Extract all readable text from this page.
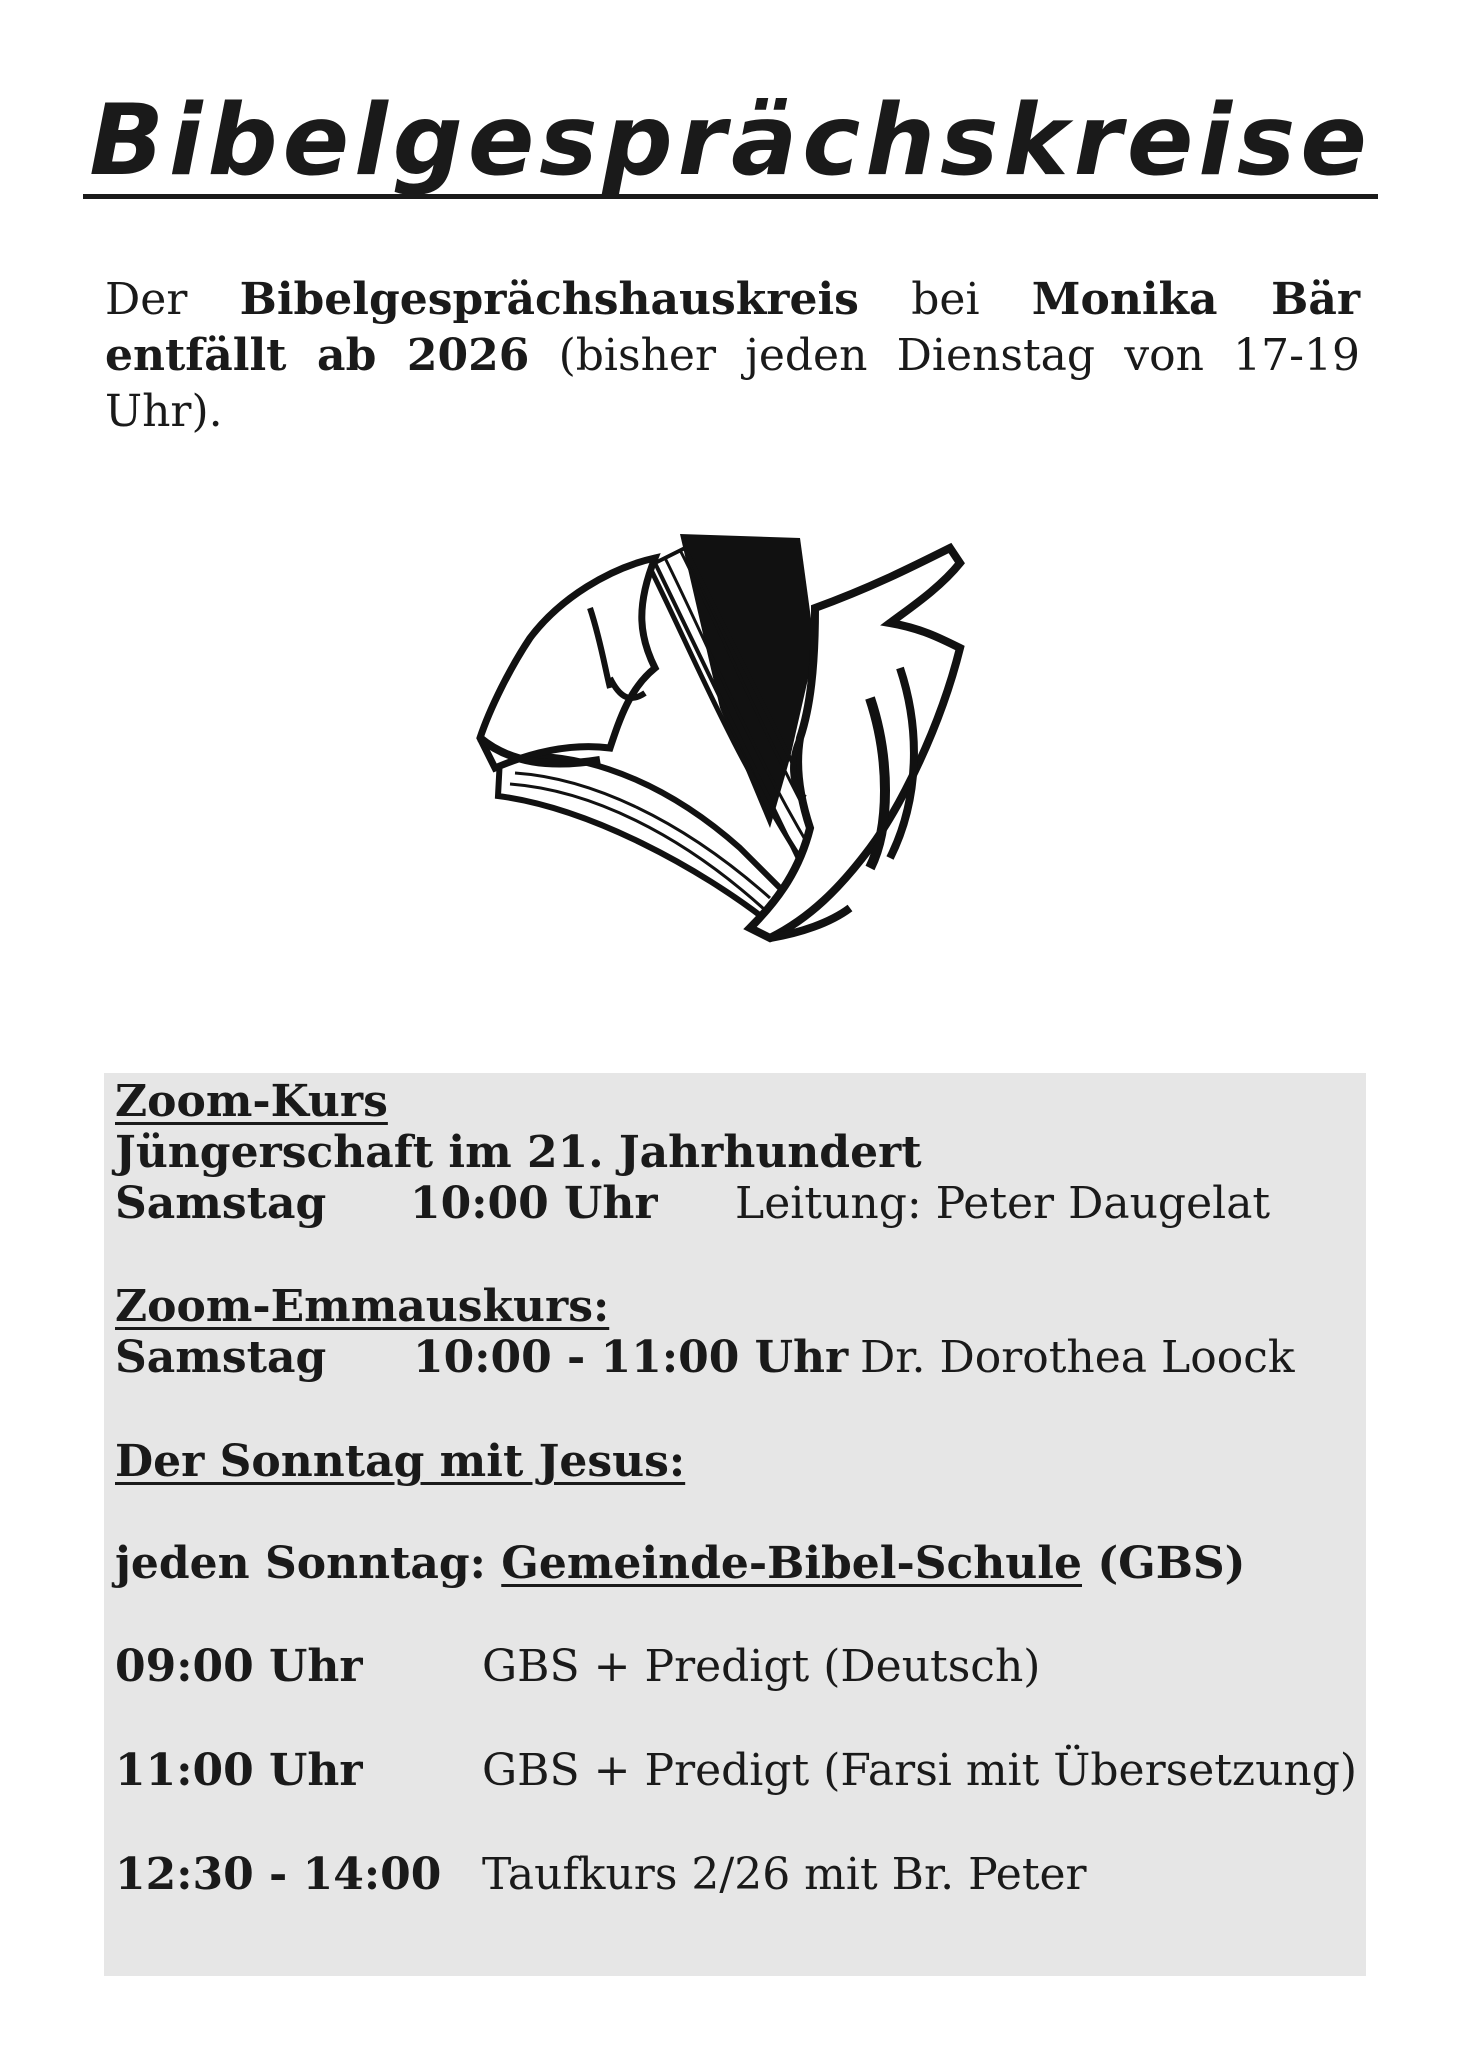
Bibelgesprächskreise

Der Bibelgesprächshauskreis bei Monika Bär entfällt ab 2026 (bisher jeden Dienstag von 17-19 Uhr).

Zoom-Kurs
Jüngerschaft im 21. Jahrhundert
Samstag 10:00 Uhr Leitung: Peter Daugelat
Zoom-Emmauskurs:
Samstag 10:00 - 11:00 Uhr Dr. Dorothea Loock
Der Sonntag mit Jesus:
jeden Sonntag: Gemeinde-Bibel-Schule (GBS)
09:00 Uhr	GBS + Predigt (Deutsch)
11:00 Uhr	GBS + Predigt (Farsi mit Übersetzung)
12:30 - 14:00 Taufkurs 2/26 mit Br. Peter
